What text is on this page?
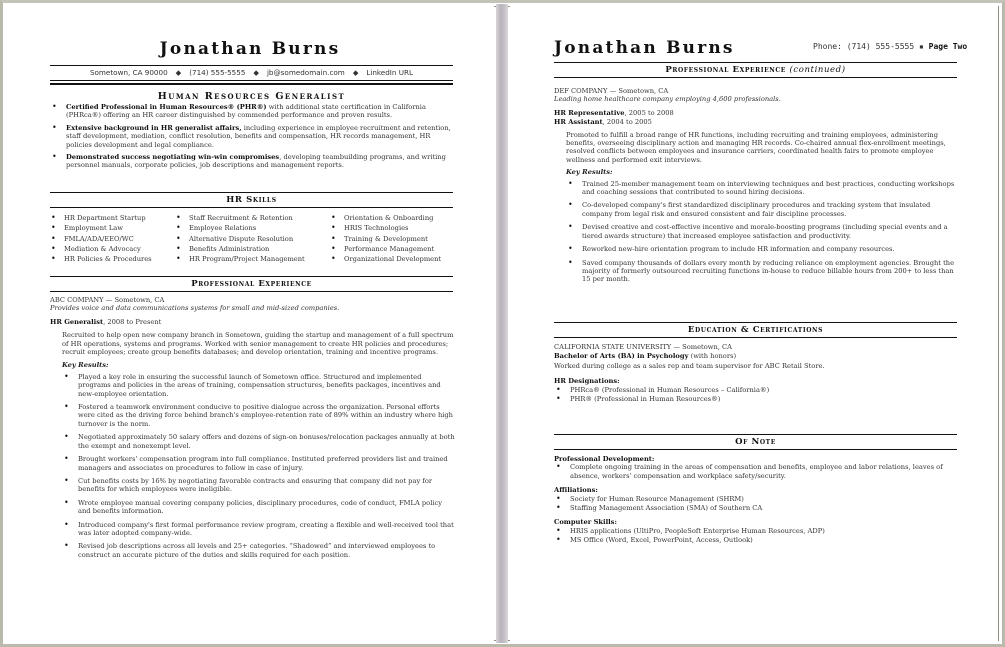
Jonathan Burns
Sometown, CA 90000 ◆ (714) 555-5555 ◆ jb@somedomain.com ◆ LinkedIn URL
Human Resources Generalist
• Certified Professional in Human Resources® (PHR®) with additional state certification in California (PHRca®) offering an HR career distinguished by commended performance and proven results.
• Extensive background in HR generalist affairs, including experience in employee recruitment and retention, staff development, mediation, conflict resolution, benefits and compensation, HR records management, HR policies development and legal compliance.
• Demonstrated success negotiating win-win compromises, developing teambuilding programs, and writing personnel manuals, corporate policies, job descriptions and management reports.
HR Skills
• HR Department Startup
• Employment Law
• FMLA/ADA/EEO/WC
• Mediation & Advocacy
• HR Policies & Procedures
• Staff Recruitment & Retention
• Employee Relations
• Alternative Dispute Resolution
• Benefits Administration
• HR Program/Project Management
• Orientation & Onboarding
• HRIS Technologies
• Training & Development
• Performance Management
• Organizational Development
Professional Experience
ABC COMPANY — Sometown, CA
Provides voice and data communications systems for small and mid-sized companies.
HR Generalist, 2008 to Present
Recruited to help open new company branch in Sometown, guiding the startup and management of a full spectrum of HR operations, systems and programs. Worked with senior management to create HR policies and procedures; recruit employees; create group benefits databases; and develop orientation, training and incentive programs.
Key Results:
• Played a key role in ensuring the successful launch of Sometown office. Structured and implemented programs and policies in the areas of training, compensation structures, benefits packages, incentives and new-employee orientation.
• Fostered a teamwork environment conducive to positive dialogue across the organization. Personal efforts were cited as the driving force behind branch's employee-retention rate of 89% within an industry where high turnover is the norm.
• Negotiated approximately 50 salary offers and dozens of sign-on bonuses/relocation packages annually at both the exempt and nonexempt level.
• Brought workers' compensation program into full compliance. Instituted preferred providers list and trained managers and associates on procedures to follow in case of injury.
• Cut benefits costs by 16% by negotiating favorable contracts and ensuring that company did not pay for benefits for which employees were ineligible.
• Wrote employee manual covering company policies, disciplinary procedures, code of conduct, FMLA policy and benefits information.
• Introduced company's first formal performance review program, creating a flexible and well-received tool that was later adopted company-wide.
• Revised job descriptions across all levels and 25+ categories. “Shadowed” and interviewed employees to construct an accurate picture of the duties and skills required for each position.
Jonathan Burns	Phone: (714) 555-5555 ▪ Page Two
Professional Experience (continued)
DEF COMPANY — Sometown, CA
Leading home healthcare company employing 4,600 professionals.
HR Representative, 2005 to 2008
HR Assistant, 2004 to 2005
Promoted to fulfill a broad range of HR functions, including recruiting and training employees, administering benefits, overseeing disciplinary action and managing HR records. Co-chaired annual flex-enrollment meetings, resolved conflicts between employees and insurance carriers, coordinated health fairs to promote employee wellness and performed exit interviews.
Key Results:
• Trained 25-member management team on interviewing techniques and best practices, conducting workshops and coaching sessions that contributed to sound hiring decisions.
• Co-developed company's first standardized disciplinary procedures and tracking system that insulated company from legal risk and ensured consistent and fair discipline processes.
• Devised creative and cost-effective incentive and morale-boosting programs (including special events and a tiered awards structure) that increased employee satisfaction and productivity.
• Reworked new-hire orientation program to include HR information and company resources.
• Saved company thousands of dollars every month by reducing reliance on employment agencies. Brought the majority of formerly outsourced recruiting functions in-house to reduce billable hours from 200+ to less than 15 per month.
Education & Certifications
CALIFORNIA STATE UNIVERSITY — Sometown, CA
Bachelor of Arts (BA) in Psychology (with honors)
Worked during college as a sales rep and team supervisor for ABC Retail Store.
HR Designations:
• PHRca® (Professional in Human Resources – California®)
• PHR® (Professional in Human Resources®)
Of Note
Professional Development:
• Complete ongoing training in the areas of compensation and benefits, employee and labor relations, leaves of absence, workers' compensation and workplace safety/security.
Affiliations:
• Society for Human Resource Management (SHRM)
• Staffing Management Association (SMA) of Southern CA
Computer Skills:
• HRIS applications (UltiPro, PeopleSoft Enterprise Human Resources, ADP)
• MS Office (Word, Excel, PowerPoint, Access, Outlook)
